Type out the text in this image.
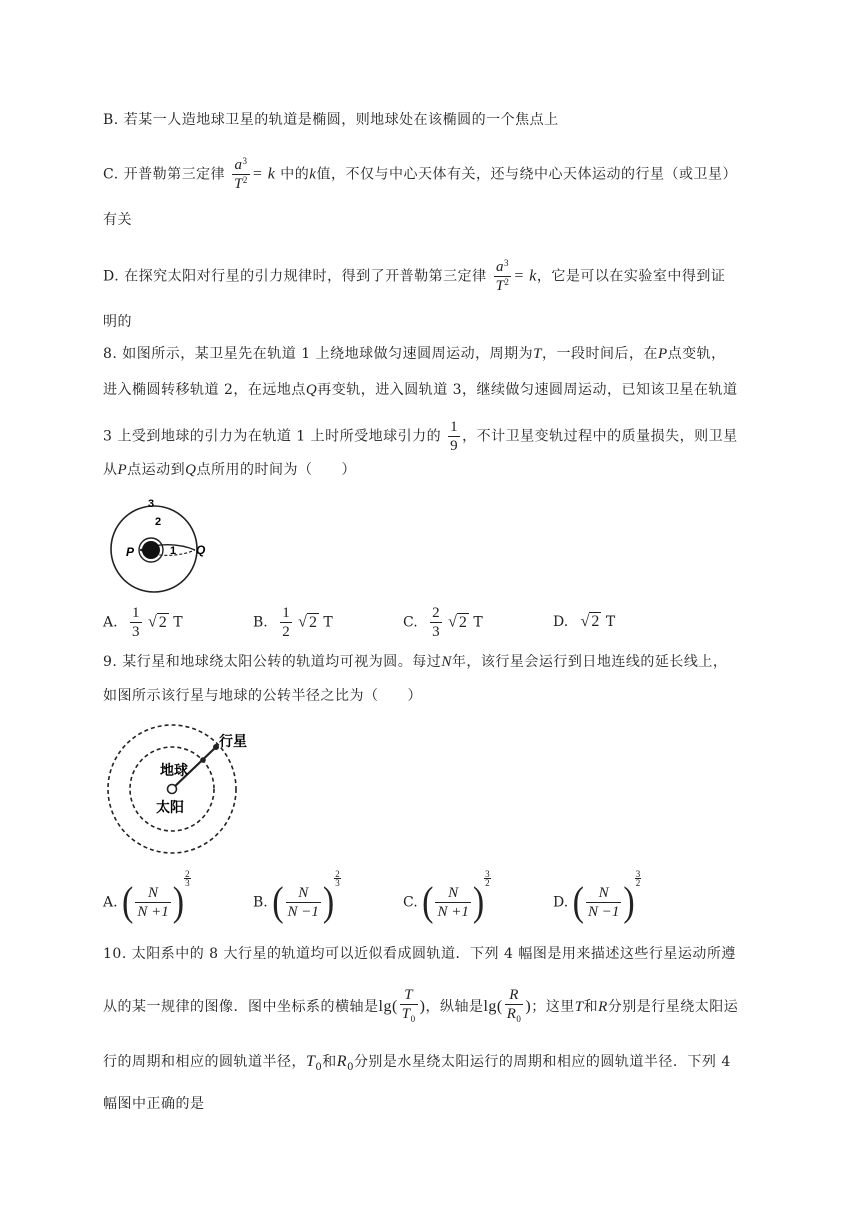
B. 若某一人造地球卫星的轨道是椭圆，则地球处在该椭圆的一个焦点上
C. 开普勒第三定律 $\frac{a^3}{T^2} = k$ 中的k值，不仅与中心天体有关，还与绕中心天体运动的行星（或卫星）
有关
D. 在探究太阳对行星的引力规律时，得到了开普勒第三定律 $\frac{a^3}{T^2} = k$，它是可以在实验室中得到证
明的
8. 如图所示，某卫星先在轨道 1 上绕地球做匀速圆周运动，周期为T，一段时间后，在P点变轨，
进入椭圆转移轨道 2，在远地点Q再变轨，进入圆轨道 3，继续做匀速圆周运动，已知该卫星在轨道
3 上受到地球的引力为在轨道 1 上时所受地球引力的 $\frac{1}{9}$ ，不计卫星变轨过程中的质量损失，则卫星
从P点运动到Q点所用的时间为（　　）
3
2
1
P	Q
A. $\frac{1}{3}$ √ 2 T	B. $\frac{1}{2}$ √ 2 T	C. $\frac{2}{3}$ √ 2 T	D. √ 2 T
9. 某行星和地球绕太阳公转的轨道均可视为圆。每过N年，该行星会运行到日地连线的延长线上，
如图所示该行星与地球的公转半径之比为（　　）
行星
地球
太阳
A. ( $\frac{N}{N +1}$ )
$\frac{2}{3}$
B. ( $\frac{N}{N -1}$ )
$\frac{2}{3}$
C. ( $\frac{N}{N +1}$ )
$\frac{3}{2}$
D. ( $\frac{N}{N -1}$ )
$\frac{3}{2}$
10. 太阳系中的 8 大行星的轨道均可以近似看成圆轨道．下列 4 幅图是用来描述这些行星运动所遵
从的某一规律的图像．图中坐标系的横轴是$\lg( \frac{T}{T_0}$ )，纵轴是$\lg( \frac{R}{R_0}$ )；这里T和R分别是行星绕太阳运
行的周期和相应的圆轨道半径，$T_0$和$R_0$分别是水星绕太阳运行的周期和相应的圆轨道半径．下列 4
幅图中正确的是
